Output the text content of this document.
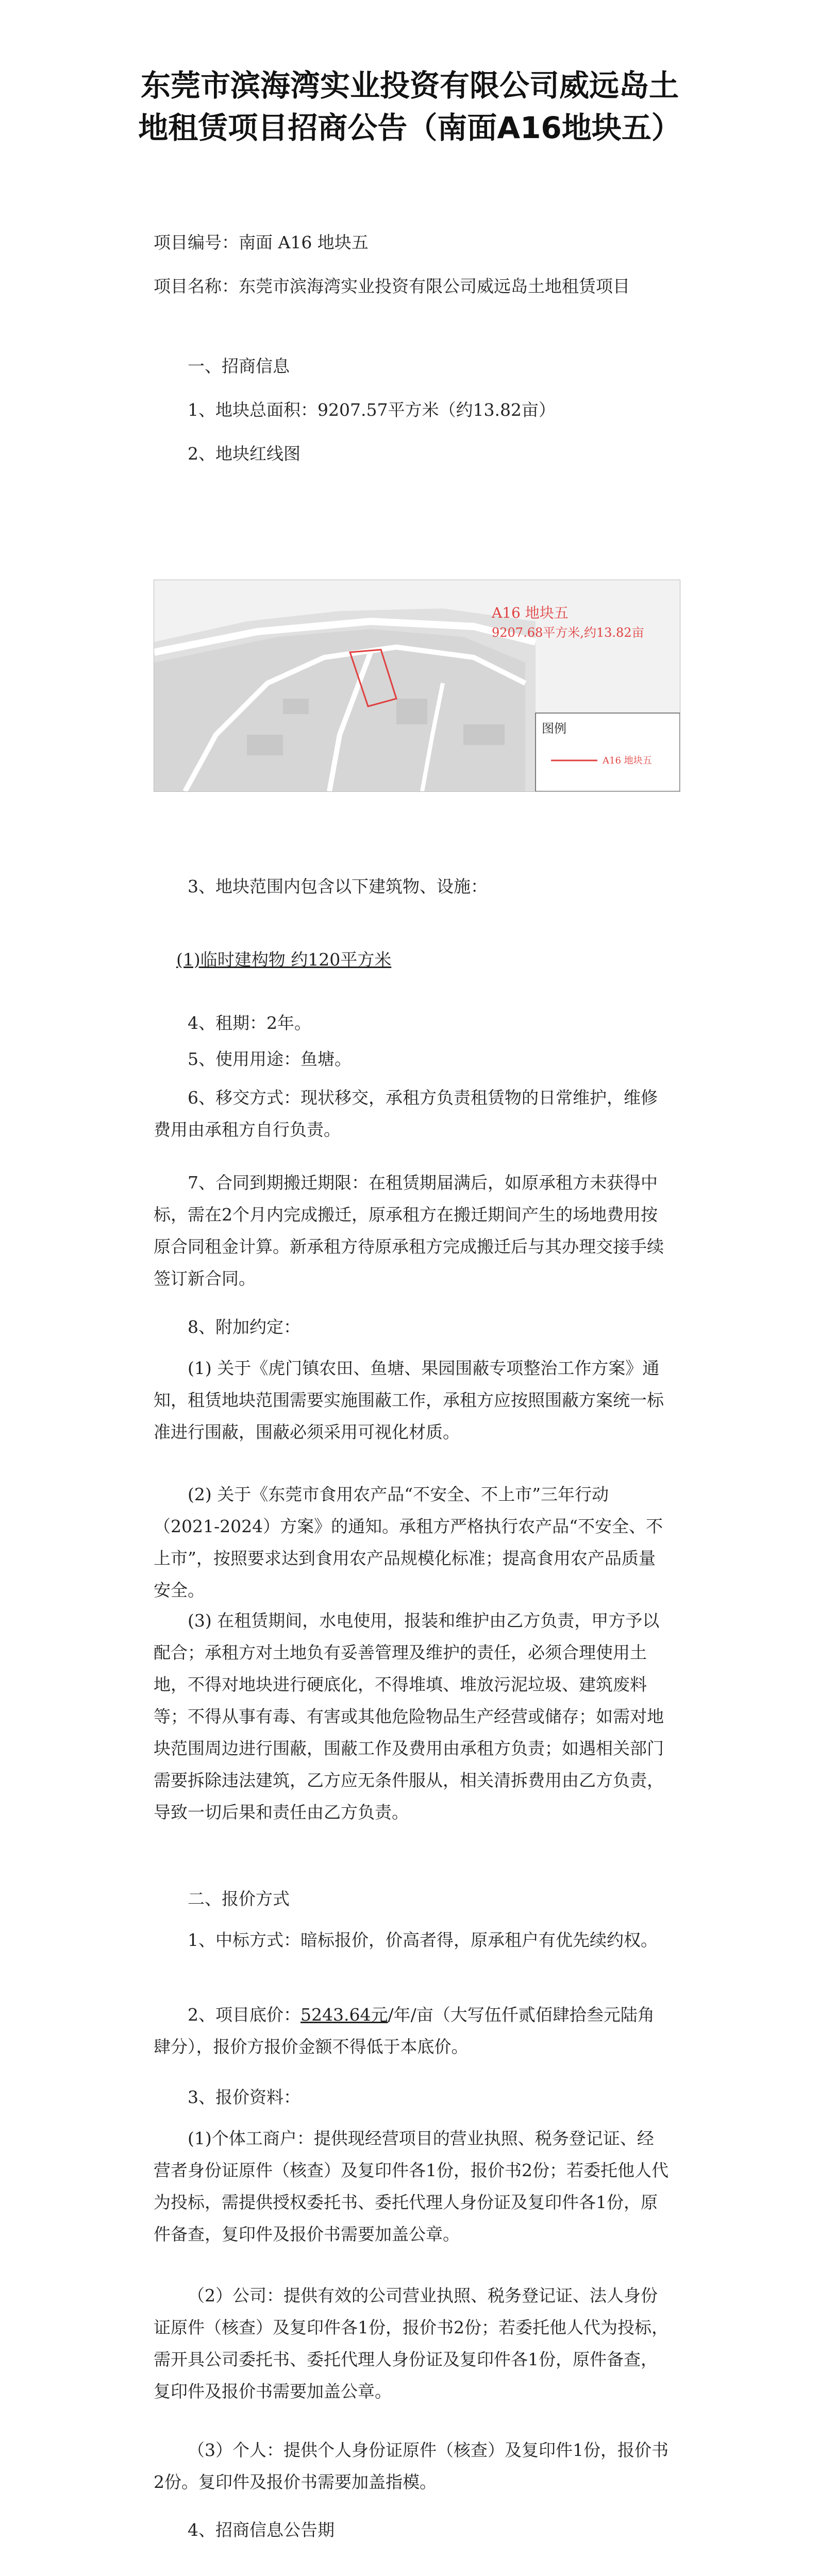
东莞市滨海湾实业投资有限公司威远岛土
地租赁项目招商公告（南面A16地块五）
项目编号：南面 A16 地块五
项目名称：东莞市滨海湾实业投资有限公司威远岛土地租赁项目
一、招商信息
1、地块总面积：9207.57平方米（约13.82亩）
2、地块红线图
A16 地块五
9207.68平方米,约13.82亩
图例
A16 地块五
3、地块范围内包含以下建筑物、设施：

(1)临时建构物 约120平方米

4、租期：2年。
5、使用用途：鱼塘。
6、移交方式：现状移交，承租方负责租赁物的日常维护，维修费用由承租方自行负责。
7、合同到期搬迁期限：在租赁期届满后，如原承租方未获得中标，需在2个月内完成搬迁，原承租方在搬迁期间产生的场地费用按原合同租金计算。新承租方待原承租方完成搬迁后与其办理交接手续签订新合同。
8、附加约定：
(1) 关于《虎门镇农田、鱼塘、果园围蔽专项整治工作方案》通知，租赁地块范围需要实施围蔽工作，承租方应按照围蔽方案统一标准进行围蔽，围蔽必须采用可视化材质。
(2) 关于《东莞市食用农产品“不安全、不上市”三年行动（2021-2024）方案》的通知。承租方严格执行农产品“不安全、不上市”，按照要求达到食用农产品规模化标准；提高食用农产品质量安全。
(3) 在租赁期间，水电使用，报装和维护由乙方负责，甲方予以配合；承租方对土地负有妥善管理及维护的责任，必须合理使用土地，不得对地块进行硬底化，不得堆填、堆放污泥垃圾、建筑废料等；不得从事有毒、有害或其他危险物品生产经营或储存；如需对地块范围周边进行围蔽，围蔽工作及费用由承租方负责；如遇相关部门需要拆除违法建筑，乙方应无条件服从，相关清拆费用由乙方负责，导致一切后果和责任由乙方负责。
二、报价方式
1、中标方式：暗标报价，价高者得，原承租户有优先续约权。
2、项目底价：5243.64元/年/亩（大写伍仟贰佰肆拾叁元陆角肆分），报价方报价金额不得低于本底价。
3、报价资料：
(1)个体工商户：提供现经营项目的营业执照、税务登记证、经营者身份证原件（核查）及复印件各1份，报价书2份；若委托他人代为投标，需提供授权委托书、委托代理人身份证及复印件各1份，原件备查，复印件及报价书需要加盖公章。
（2）公司：提供有效的公司营业执照、税务登记证、法人身份证原件（核查）及复印件各1份，报价书2份；若委托他人代为投标，需开具公司委托书、委托代理人身份证及复印件各1份，原件备查，复印件及报价书需要加盖公章。
（3）个人：提供个人身份证原件（核查）及复印件1份，报价书2份。复印件及报价书需要加盖指模。
4、招商信息公告期
